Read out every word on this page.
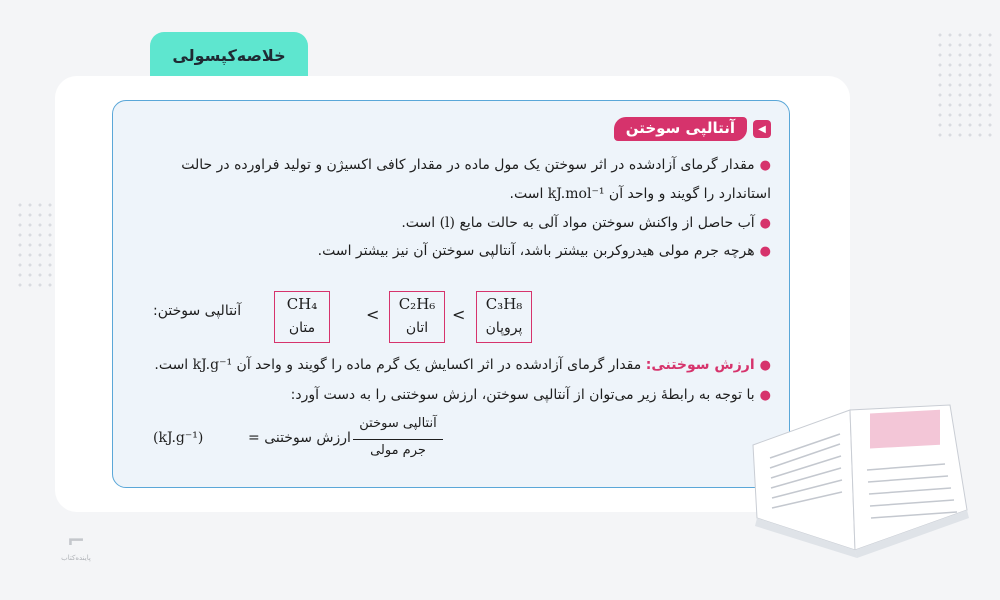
خلاصه‌کپسولی
◀
آنتالپی سوختن
●مقدار گرمای آزادشده در اثر سوختن یک مول ماده در مقدار کافی اکسیژن و تولید فراورده در حالت
استاندارد را گویند و واحد آن kJ.mol⁻¹ است.
●آب حاصل از واکنش سوختن مواد آلی به حالت مایع (l) است.
●هرچه جرم مولی هیدروکربن بیشتر باشد، آنتالپی سوختن آن نیز بیشتر است.
آنتالپی سوختن:	CH₄
متان
<
C₂H₆
اتان
<
C₃H₈
پروپان
●ارزش سوختنی: مقدار گرمای آزادشده در اثر اکسایش یک گرم ماده را گویند و واحد آن kJ.g⁻¹ است.
●با توجه به رابطهٔ زیر می‌توان از آنتالپی سوختن، ارزش سوختنی را به دست آورد:
(kJ.g⁻¹)	ارزش سوختنی =
آنتالپی سوختن
جرم مولی
⌐
پاینده‌کتاب
